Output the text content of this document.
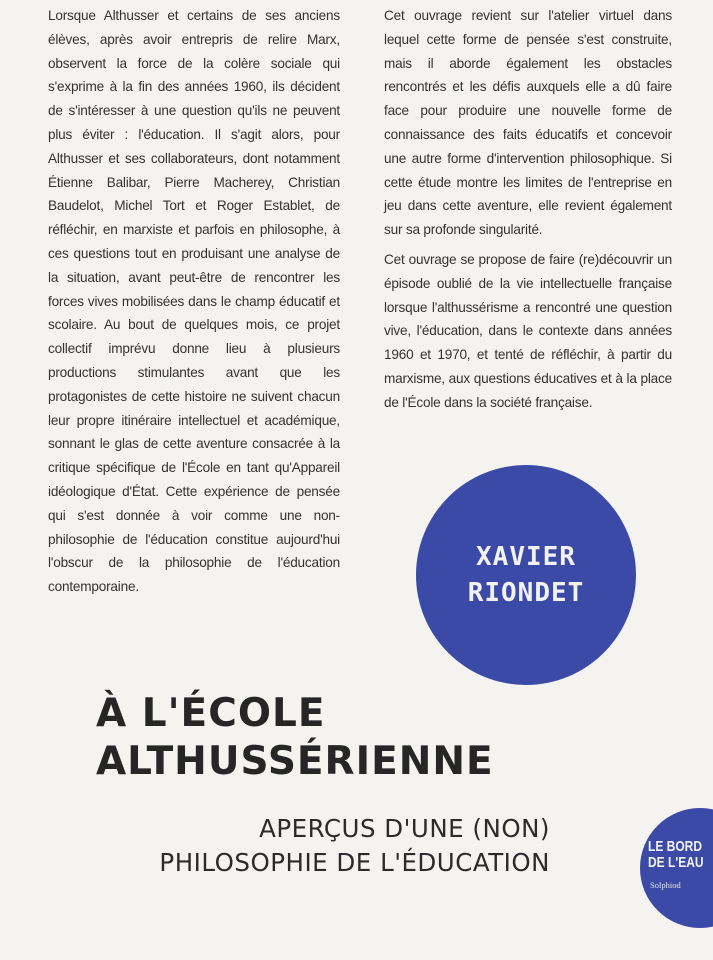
Lorsque Althusser et certains de ses anciens élèves, après avoir entrepris de relire Marx, observent la force de la colère sociale qui s'exprime à la fin des années 1960, ils décident de s'intéresser à une question qu'ils ne peuvent plus éviter : l'éducation. Il s'agit alors, pour Althusser et ses collaborateurs, dont notamment Étienne Balibar, Pierre Macherey, Christian Baudelot, Michel Tort et Roger Establet, de réfléchir, en marxiste et parfois en philosophe, à ces questions tout en produisant une analyse de la situation, avant peut-être de rencontrer les forces vives mobilisées dans le champ éducatif et scolaire. Au bout de quelques mois, ce projet collectif imprévu donne lieu à plusieurs productions stimulantes avant que les protagonistes de cette histoire ne suivent chacun leur propre itinéraire intellectuel et académique, sonnant le glas de cette aventure consacrée à la critique spécifique de l'École en tant qu'Appareil idéologique d'État. Cette expérience de pensée qui s'est donnée à voir comme une non-philosophie de l'éducation constitue aujourd'hui l'obscur de la philosophie de l'éducation contemporaine.

Cet ouvrage revient sur l'atelier virtuel dans lequel cette forme de pensée s'est construite, mais il aborde également les obstacles rencontrés et les défis auxquels elle a dû faire face pour produire une nouvelle forme de connaissance des faits éducatifs et concevoir une autre forme d'intervention philosophique. Si cette étude montre les limites de l'entreprise en jeu dans cette aventure, elle revient également sur sa profonde singularité.

Cet ouvrage se propose de faire (re)découvrir un épisode oublié de la vie intellectuelle française lorsque l'althussérisme a rencontré une question vive, l'éducation, dans le contexte dans années 1960 et 1970, et tenté de réfléchir, à partir du marxisme, aux questions éducatives et à la place de l'École dans la société française.

XAVIER
RIONDET
À L'ÉCOLE
ALTHUSSÉRIENNE
APERÇUS D'UNE (NON)
PHILOSOPHIE DE L'ÉDUCATION
LE BORD
DE L'EAU
Solphiod
